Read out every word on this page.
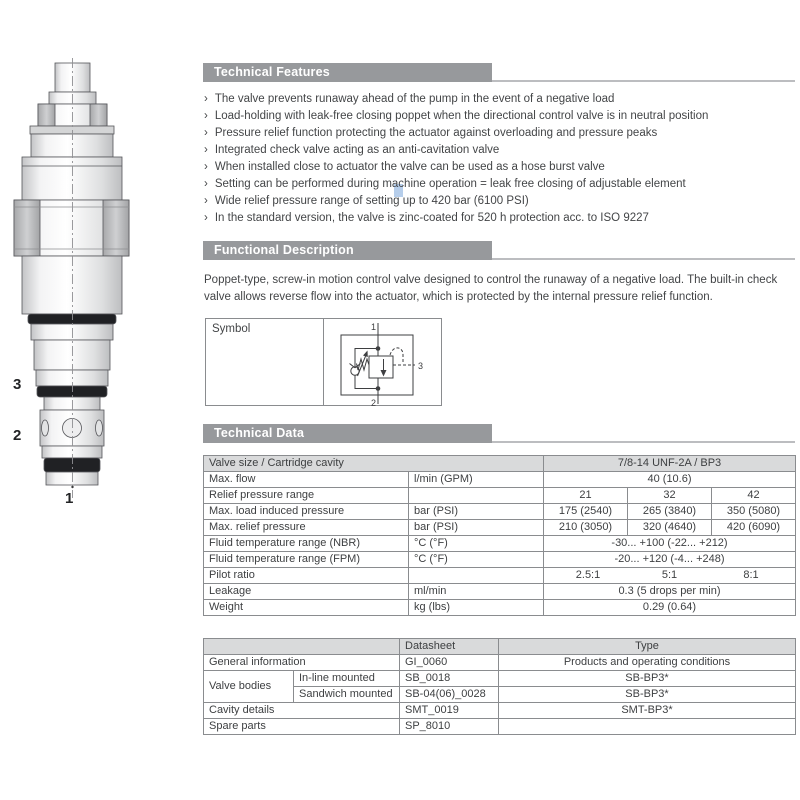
3
2
1
Technical Features
› The valve prevents runaway ahead of the pump in the event of a negative load
› Load-holding with leak-free closing poppet when the directional control valve is in neutral position
› Pressure relief function protecting the actuator against overloading and pressure peaks
› Integrated check valve acting as an anti-cavitation valve
› When installed close to actuator the valve can be used as a hose burst valve
› Setting can be performed during machine operation = leak free closing of adjustable element
› Wide relief pressure range of setting up to 420 bar (6100 PSI)
› In the standard version, the valve is zinc-coated for 520 h protection acc. to ISO 9227
Functional Description

Poppet-type, screw-in motion control valve designed to control the runaway of a negative load. The built-in check valve allows reverse flow into the actuator, which is protected by the internal pressure relief function.

Symbol	1
2
3
Technical Data
Valve size / Cartridge cavity		7/8-14 UNF-2A / BP3		
Max. flow	l/min (GPM)	40 (10.6)		
Relief pressure range		21	32	42
Max. load induced pressure	bar (PSI)	175 (2540)	265 (3840)	350 (5080)
Max. relief pressure	bar (PSI)	210 (3050)	320 (4640)	420 (6090)
Fluid temperature range (NBR)	°C (°F)	-30... +100 (-22... +212)		
Fluid temperature range (FPM)	°C (°F)	-20... +120 (-4... +248)		
Pilot ratio		2.5:1 5:1 8:1		
Leakage	ml/min	0.3 (5 drops per min)		
Weight	kg (lbs)	0.29 (0.64)		
		Datasheet	Type
General information		GI_0060	Products and operating conditions
Valve bodies	In-line mounted	SB_0018	SB-BP3*
	Sandwich mounted	SB-04(06)_0028	SB-BP3*
Cavity details		SMT_0019	SMT-BP3*
Spare parts		SP_8010	
